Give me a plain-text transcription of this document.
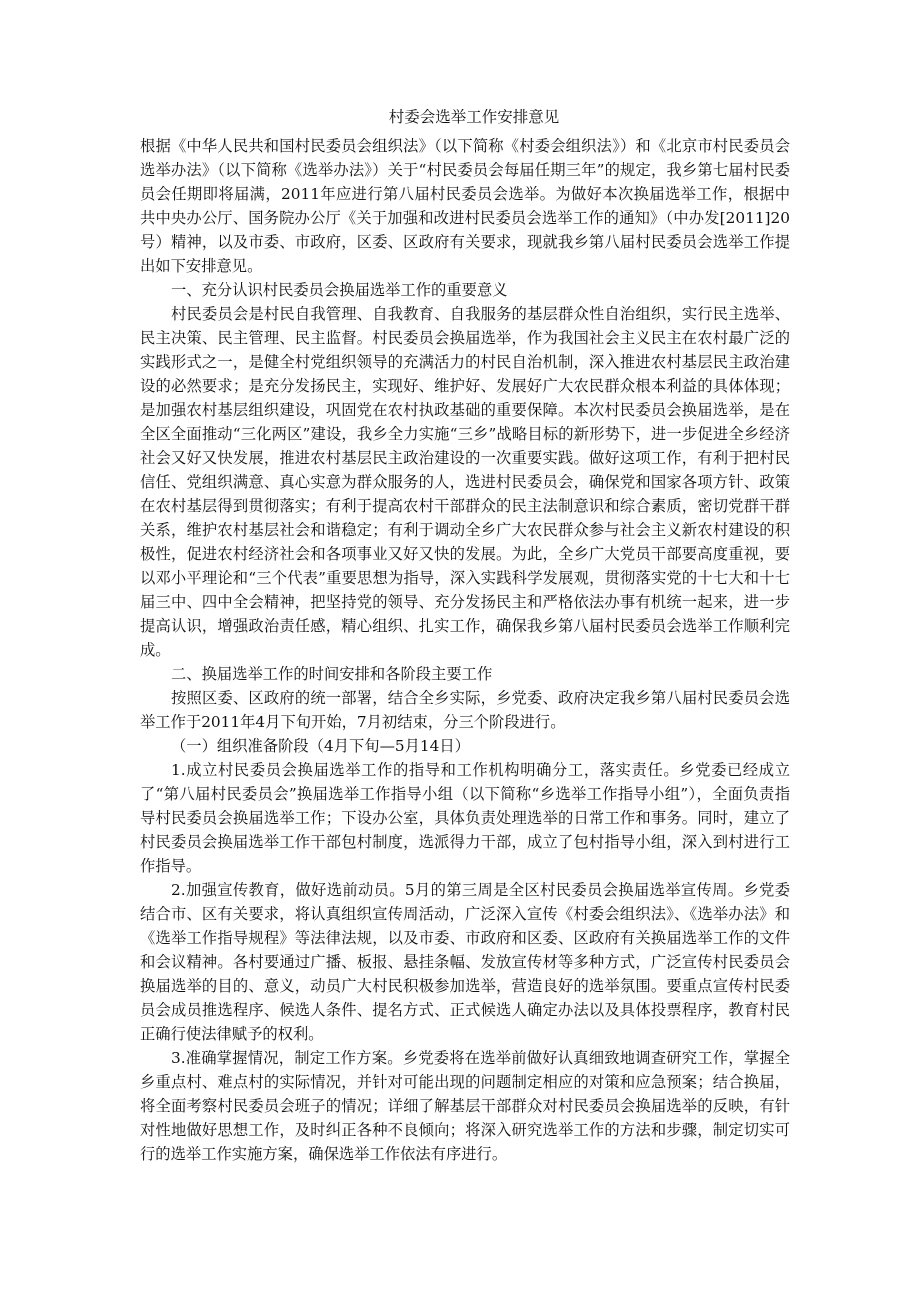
村委会选举工作安排意见

根据《中华人民共和国村民委员会组织法》（以下简称《村委会组织法》）和《北京市村民委员会选举办法》（以下简称《选举办法》）关于“村民委员会每届任期三年”的规定，我乡第七届村民委员会任期即将届满，2011年应进行第八届村民委员会选举。为做好本次换届选举工作，根据中共中央办公厅、国务院办公厅《关于加强和改进村民委员会选举工作的通知》（中办发[2011]20号）精神，以及市委、市政府，区委、区政府有关要求，现就我乡第八届村民委员会选举工作提出如下安排意见。

一、充分认识村民委员会换届选举工作的重要意义

村民委员会是村民自我管理、自我教育、自我服务的基层群众性自治组织，实行民主选举、民主决策、民主管理、民主监督。村民委员会换届选举，作为我国社会主义民主在农村最广泛的实践形式之一，是健全村党组织领导的充满活力的村民自治机制，深入推进农村基层民主政治建设的必然要求；是充分发扬民主，实现好、维护好、发展好广大农民群众根本利益的具体体现；是加强农村基层组织建设，巩固党在农村执政基础的重要保障。本次村民委员会换届选举，是在全区全面推动“三化两区”建设，我乡全力实施“三乡”战略目标的新形势下，进一步促进全乡经济社会又好又快发展，推进农村基层民主政治建设的一次重要实践。做好这项工作，有利于把村民信任、党组织满意、真心实意为群众服务的人，选进村民委员会，确保党和国家各项方针、政策在农村基层得到贯彻落实；有利于提高农村干部群众的民主法制意识和综合素质，密切党群干群关系，维护农村基层社会和谐稳定；有利于调动全乡广大农民群众参与社会主义新农村建设的积极性，促进农村经济社会和各项事业又好又快的发展。为此，全乡广大党员干部要高度重视，要以邓小平理论和“三个代表”重要思想为指导，深入实践科学发展观，贯彻落实党的十七大和十七届三中、四中全会精神，把坚持党的领导、充分发扬民主和严格依法办事有机统一起来，进一步提高认识，增强政治责任感，精心组织、扎实工作，确保我乡第八届村民委员会选举工作顺利完成。

二、换届选举工作的时间安排和各阶段主要工作

按照区委、区政府的统一部署，结合全乡实际，乡党委、政府决定我乡第八届村民委员会选举工作于2011年4月下旬开始，7月初结束，分三个阶段进行。

（一）组织准备阶段（4月下旬—5月14日）

1.成立村民委员会换届选举工作的指导和工作机构明确分工，落实责任。乡党委已经成立了“第八届村民委员会”换届选举工作指导小组（以下简称“乡选举工作指导小组”），全面负责指导村民委员会换届选举工作；下设办公室，具体负责处理选举的日常工作和事务。同时，建立了村民委员会换届选举工作干部包村制度，选派得力干部，成立了包村指导小组，深入到村进行工作指导。

2.加强宣传教育，做好选前动员。5月的第三周是全区村民委员会换届选举宣传周。乡党委结合市、区有关要求，将认真组织宣传周活动，广泛深入宣传《村委会组织法》、《选举办法》和《选举工作指导规程》等法律法规，以及市委、市政府和区委、区政府有关换届选举工作的文件和会议精神。各村要通过广播、板报、悬挂条幅、发放宣传材等多种方式，广泛宣传村民委员会换届选举的目的、意义，动员广大村民积极参加选举，营造良好的选举氛围。要重点宣传村民委员会成员推选程序、候选人条件、提名方式、正式候选人确定办法以及具体投票程序，教育村民正确行使法律赋予的权利。

3.准确掌握情况，制定工作方案。乡党委将在选举前做好认真细致地调查研究工作，掌握全乡重点村、难点村的实际情况，并针对可能出现的问题制定相应的对策和应急预案；结合换届，将全面考察村民委员会班子的情况；详细了解基层干部群众对村民委员会换届选举的反映，有针对性地做好思想工作，及时纠正各种不良倾向；将深入研究选举工作的方法和步骤，制定切实可行的选举工作实施方案，确保选举工作依法有序进行。
